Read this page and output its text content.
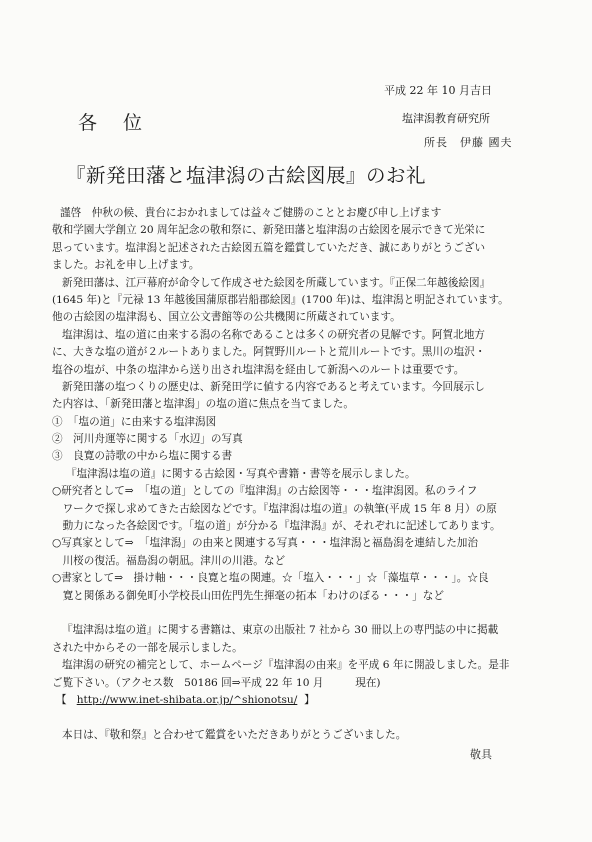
平成 22 年 10 月吉日
各 位	塩津潟教育研究所
所長　伊藤 國夫
『新発田藩と塩津潟の古絵図展』のお礼
謹啓　仲秋の候、貴台におかれましては益々ご健勝のこととお慶び申し上げます
敬和学園大学創立 20 周年記念の敬和祭に、新発田藩と塩津潟の古絵図を展示できて光栄に
思っています。塩津潟と記述された古絵図五篇を鑑賞していただき、誠にありがとうござい
ました。お礼を申し上げます。
新発田藩は、江戸幕府が命令して作成させた絵図を所蔵しています。『正保二年越後絵図』
(1645 年)と『元禄 13 年越後国蒲原郡岩船郡絵図』(1700 年)は、塩津潟と明記されています。
他の古絵図の塩津潟も、国立公文書館等の公共機関に所蔵されています。
塩津潟は、塩の道に由来する潟の名称であることは多くの研究者の見解です。阿賀北地方
に、大きな塩の道が２ルートありました。阿賀野川ルートと荒川ルートです。黒川の塩沢・
塩谷の塩が、中条の塩津から送り出され塩津潟を経由して新潟へのルートは重要です。
新発田藩の塩つくりの歴史は、新発田学に値する内容であると考えています。今回展示し
た内容は、「新発田藩と塩津潟」の塩の道に焦点を当てました。
①　「塩の道」に由来する塩津潟図
②　河川舟運等に関する「水辺」の写真
③　良寛の詩歌の中から塩に関する書
『塩津潟は塩の道』に関する古絵図・写真や書籍・書等を展示しました。
○研究者として⇒　「塩の道」としての『塩津潟』の古絵図等・・・塩津潟図。私のライフ
　ワークで探し求めてきた古絵図などです。『塩津潟は塩の道』の執筆(平成 15 年 8 月）の原
　動力になった各絵図です。「塩の道」が分かる『塩津潟』が、それぞれに記述してあります。
○写真家として⇒　「塩津潟」の由来と関連する写真・・・塩津潟と福島潟を連結した加治
　川桜の復活。福島潟の朝凪。津川の川港。など
○書家として⇒　掛け軸・・・良寛と塩の関連。☆「塩入・・・」☆「藻塩草・・・」。☆良
　寛と関係ある御免町小学校長山田佐門先生揮毫の拓本「わけのぼる・・・」など
『塩津潟は塩の道』に関する書籍は、東京の出版社 7 社から 30 冊以上の専門誌の中に掲載
された中からその一部を展示しました。
塩津潟の研究の補完として、ホームページ『塩津潟の由来』を平成 6 年に開設しました。是非
ご覧下さい。（アクセス数　50186 回⇒平成 22 年 10 月　　　現在)
【 http://www.inet-shibata.or.jp/^shionotsu/ 】
本日は、『敬和祭』と合わせて鑑賞をいただきありがとうございました。
敬具
